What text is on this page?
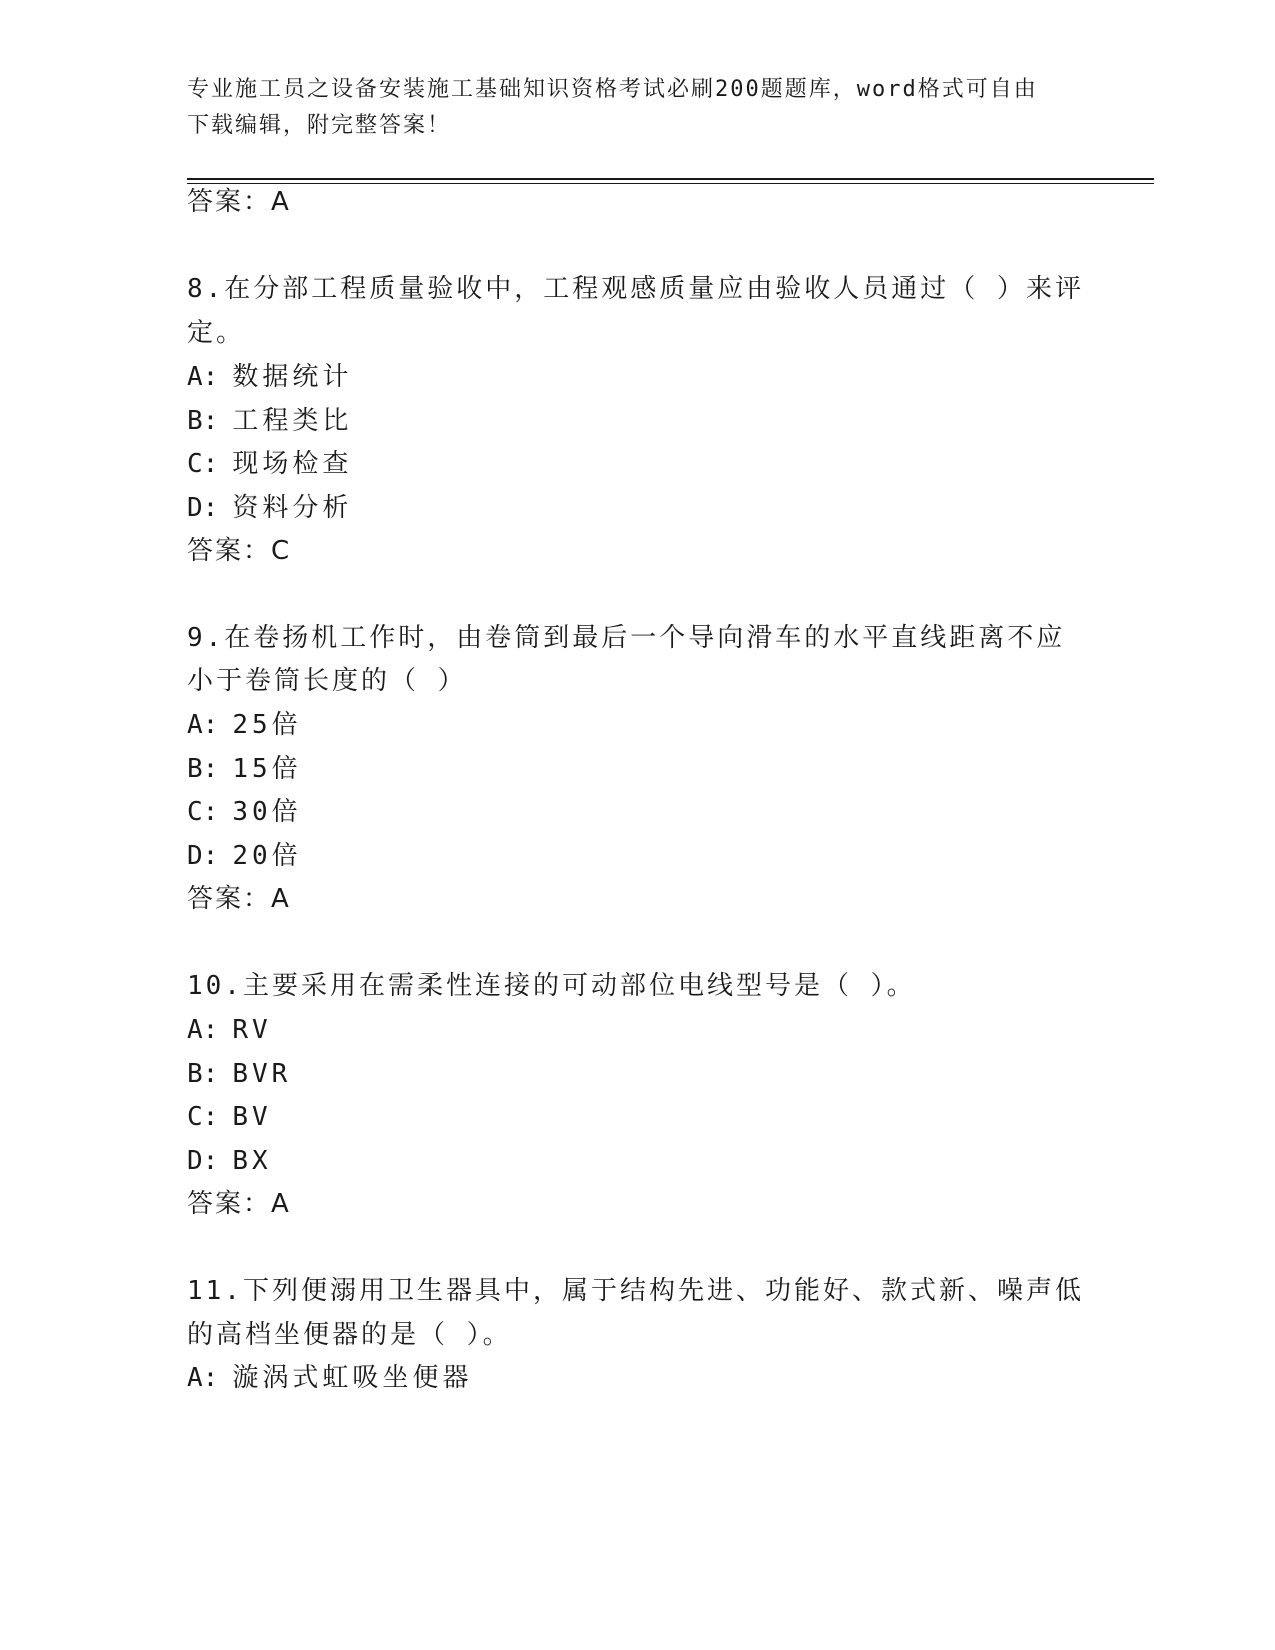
专业施工员之设备安装施工基础知识资格考试必刷200题题库，word格式可自由
下载编辑，附完整答案！
答案：A
8.在分部工程质量验收中，工程观感质量应由验收人员通过（ ）来评
定。
A: 数据统计
B: 工程类比
C: 现场检查
D: 资料分析
答案：C
9.在卷扬机工作时，由卷筒到最后一个导向滑车的水平直线距离不应
小于卷筒长度的（ ）
A: 25倍
B: 15倍
C: 30倍
D: 20倍
答案：A
10.主要采用在需柔性连接的可动部位电线型号是（ ）。
A: RV
B: BVR
C: BV
D: BX
答案：A
11.下列便溺用卫生器具中，属于结构先进、功能好、款式新、噪声低
的高档坐便器的是（ ）。
A: 漩涡式虹吸坐便器
